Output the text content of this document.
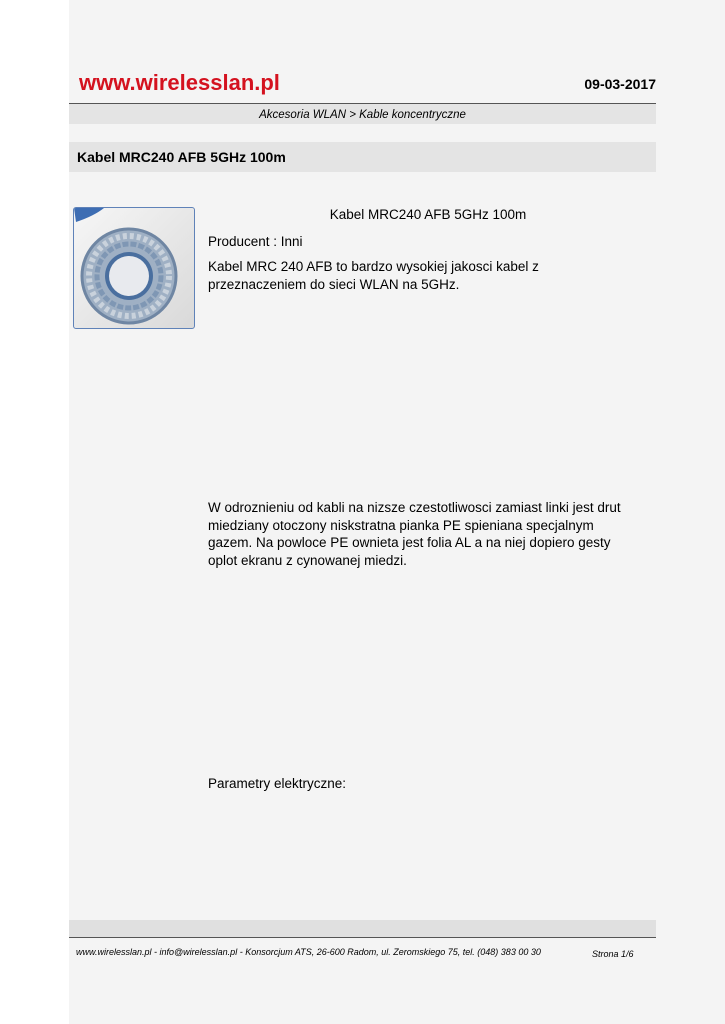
www.wirelesslan.pl	09-03-2017
Akcesoria WLAN > Kable koncentryczne
Kabel MRC240 AFB 5GHz 100m
Kabel MRC240 AFB 5GHz 100m
Producent : Inni
Kabel MRC 240 AFB to bardzo wysokiej jakosci kabel z przeznaczeniem do sieci WLAN na 5GHz.
W odroznieniu od kabli na nizsze czestotliwosci zamiast linki jest drut miedziany otoczony niskstratna pianka PE spieniana specjalnym gazem. Na powloce PE ownieta jest folia AL a na niej dopiero gesty oplot ekranu z cynowanej miedzi.
Parametry elektryczne:
www.wirelesslan.pl - info@wirelesslan.pl - Konsorcjum ATS, 26-600 Radom, ul. Zeromskiego 75, tel. (048) 383 00 30	Strona 1/6
